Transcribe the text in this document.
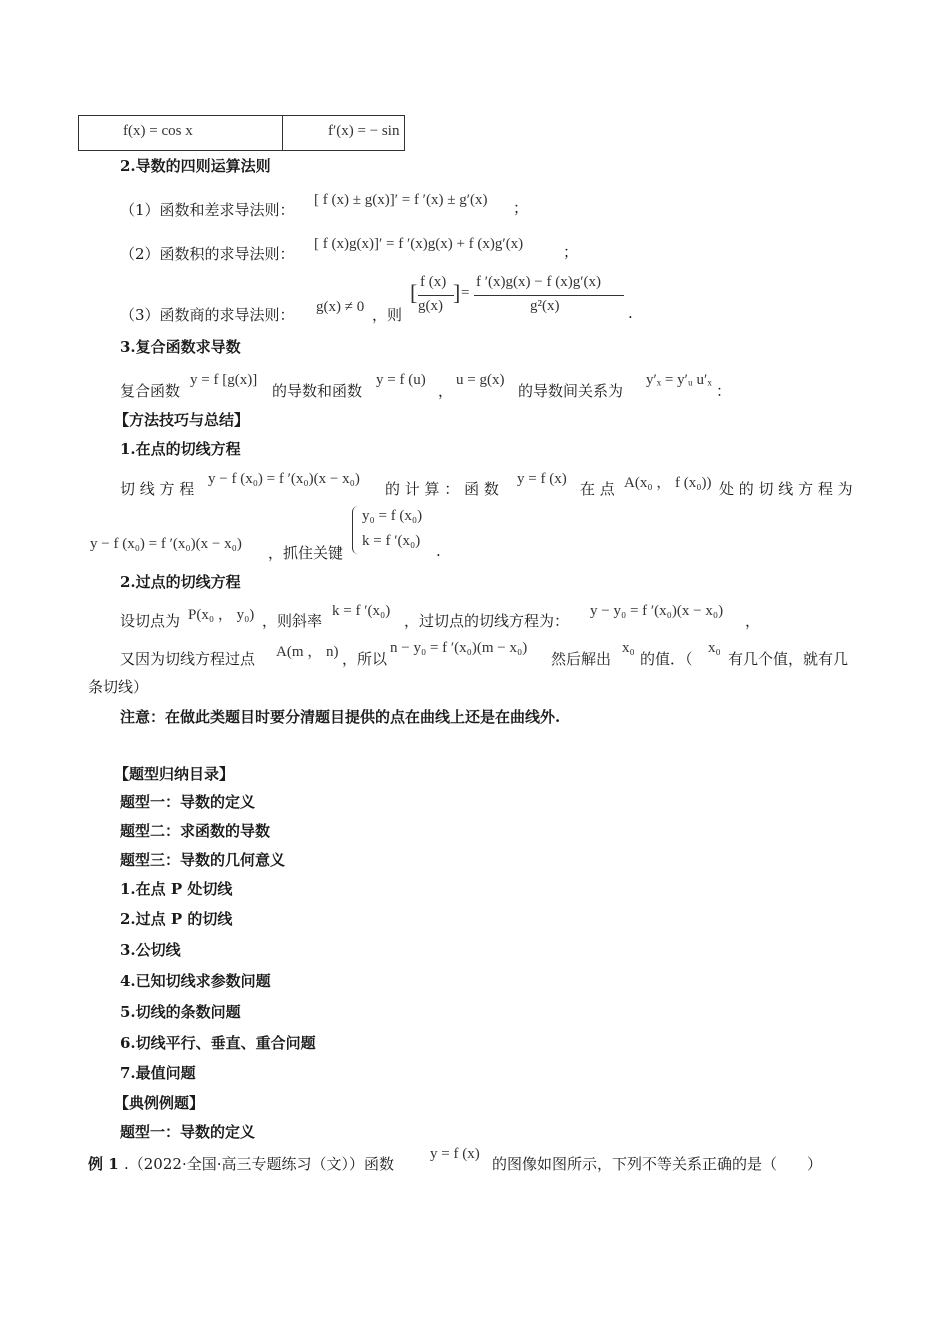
f(x) = cos x	f′(x) = − sin
2.导数的四则运算法则
（1）函数和差求导法则：
[ f (x) ± g(x)]′ = f ′(x) ± g′(x) ；
（2）函数积的求导法则：
[ f (x)g(x)]′ = f ′(x)g(x) + f (x)g′(x)	；
（3）函数商的求导法则： g(x) ≠ 0 ，则
[ f (x)
g(x)
] =
f ′(x)g(x) − f (x)g′(x)
g²(x)	.
3.复合函数求导数
复合函数
y = f [g(x)]
的导数和函数
y = f (u)
，
u = g(x)
的导数间关系为
y′ₓ = y′ᵤ u′ₓ
：
【方法技巧与总结】
1.在点的切线方程
切 线 方 程
y − f (x₀) = f ′(x₀)(x − x₀)
的 计 算 ： 函 数
y = f (x)
在 点 A(x₀ ， f (x₀)) 处 的 切 线 方 程 为
y − f (x₀) = f ′(x₀)(x − x₀) ，抓住关键
y₀ = f (x₀)
k = f ′(x₀)
.
2.过点的切线方程
设切点为 P(x₀ ， y₀) ，则斜率
k = f ′(x₀)
，过切点的切线方程为：
y − y₀ = f ′(x₀)(x − x₀)
，
又因为切线方程过点 A(m ， n) ，所以
n − y₀ = f ′(x₀)(m − x₀)
然后解出
x₀
的值．（
x₀
有几个值，就有几
条切线）
注意：在做此类题目时要分清题目提供的点在曲线上还是在曲线外.
【题型归纳目录】
题型一：导数的定义
题型二：求函数的导数
题型三：导数的几何意义
1.在点 P 处切线
2.过点 P 的切线
3.公切线
4.已知切线求参数问题
5.切线的条数问题
6.切线平行、垂直、重合问题
7.最值问题
【典例例题】
题型一：导数的定义
例 1 .（2022·全国·高三专题练习（文））函数
y = f (x)
的图像如图所示，下列不等关系正确的是（　　）
